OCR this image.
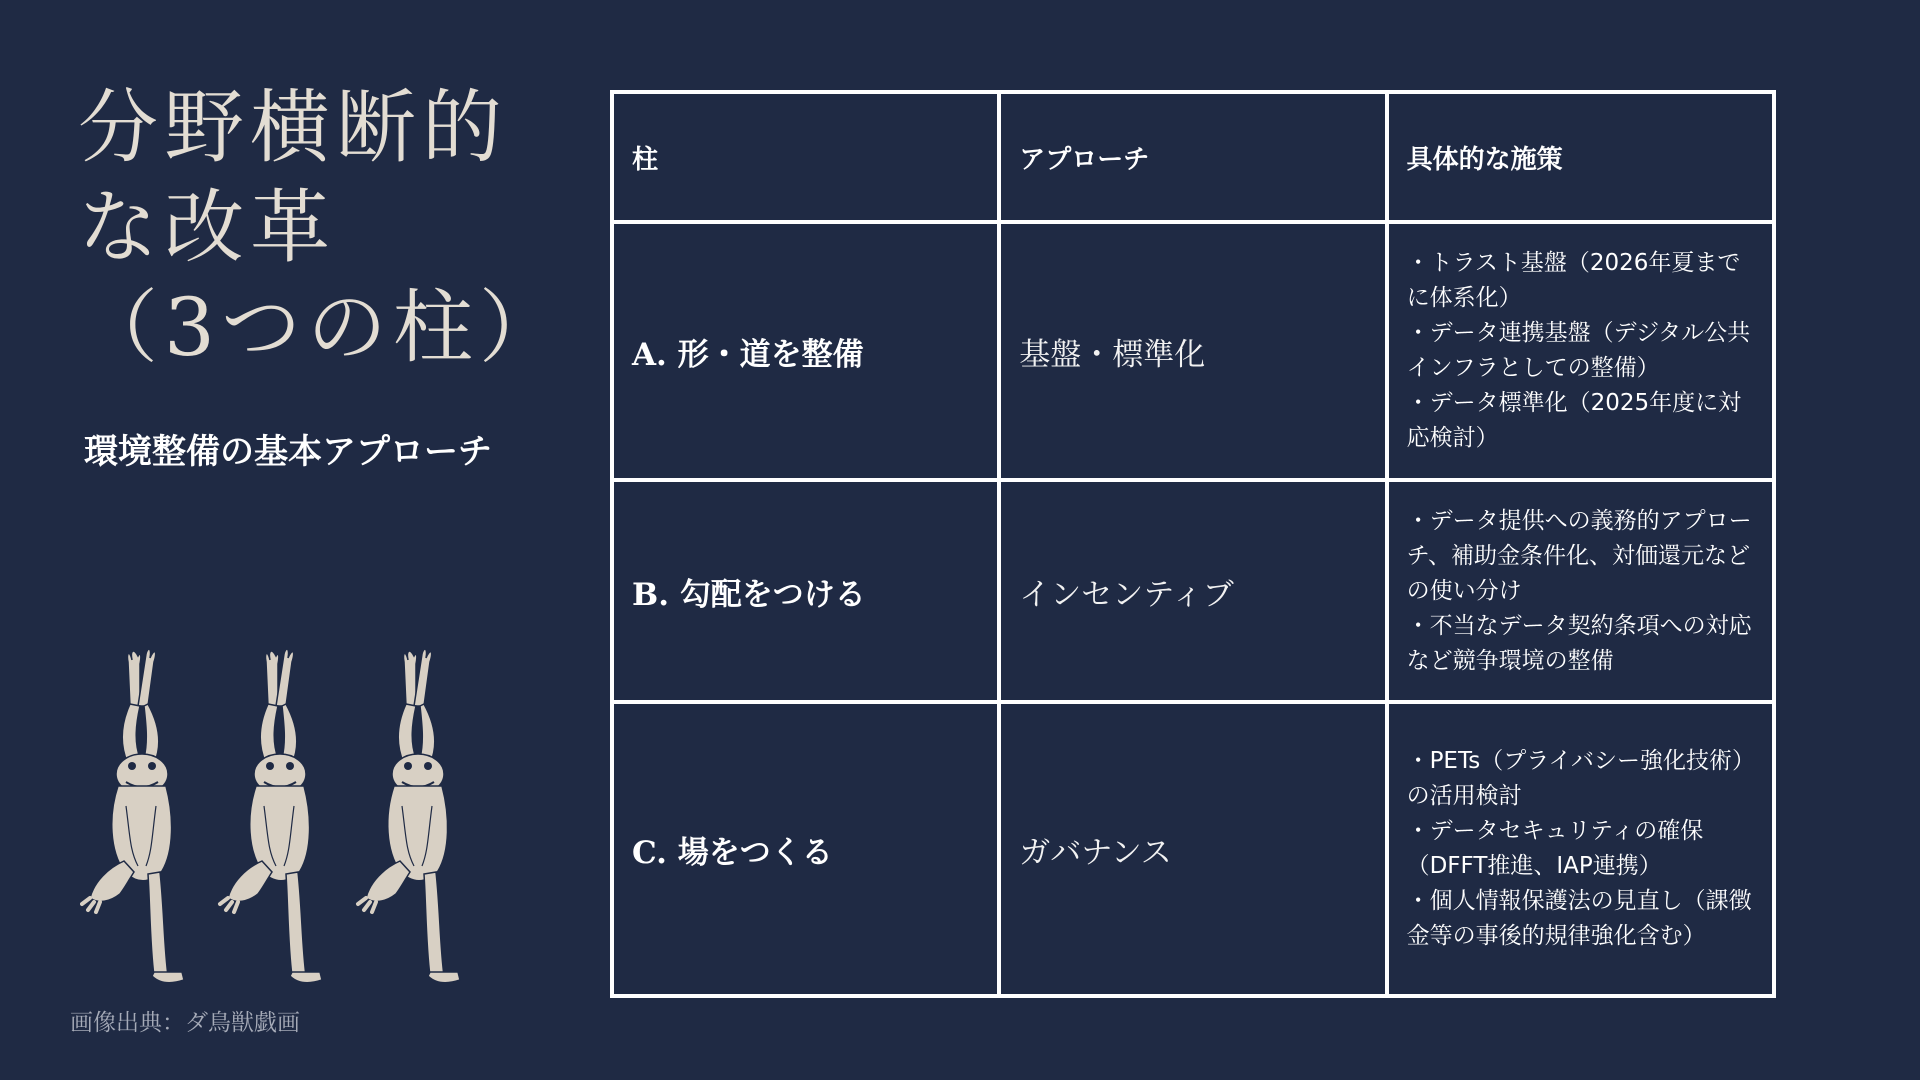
分野横断的
な改革
（3つの柱）
環境整備の基本アプローチ
画像出典：ダ鳥獣戯画
柱	アプローチ	具体的な施策
A. 形・道を整備	基盤・標準化	・トラスト基盤（2026年夏までに体系化）
・データ連携基盤（デジタル公共インフラとしての整備）
・データ標準化（2025年度に対応検討）

B. 勾配をつける	インセンティブ	・データ提供への義務的アプローチ、補助金条件化、対価還元などの使い分け
・不当なデータ契約条項への対応など競争環境の整備

C. 場をつくる	ガバナンス	・PETs（プライバシー強化技術）の活用検討
・データセキュリティの確保（DFFT推進、IAP連携）
・個人情報保護法の見直し（課徴金等の事後的規律強化含む）
